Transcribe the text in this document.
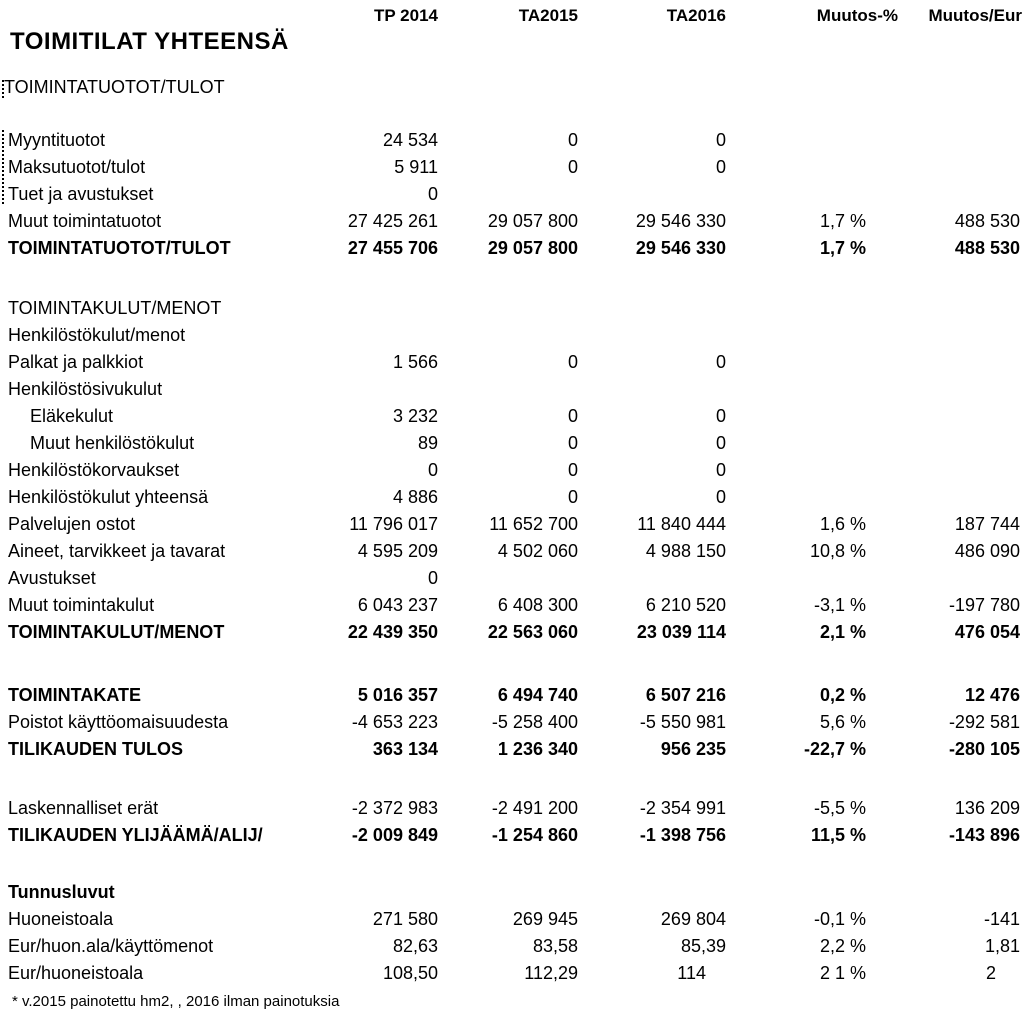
TOIMITILAT YHTEENSÄ
TP 2014	TA2015	TA2016	Muutos-% Muutos/Eur
TOIMINTATUOTOT/TULOT
Myyntituotot	24 534	0	0
Maksutuotot/tulot	5 911	0	0
Tuet ja avustukset	0
Muut toimintatuotot	27 425 261	29 057 800	29 546 330	1,7 %	488 530
TOIMINTATUOTOT/TULOT	27 455 706	29 057 800	29 546 330	1,7 %	488 530
TOIMINTAKULUT/MENOT
Henkilöstökulut/menot
Palkat ja palkkiot	1 566	0	0
Henkilöstösivukulut
Eläkekulut	3 232	0	0
Muut henkilöstökulut	89	0	0
Henkilöstökorvaukset	0	0	0
Henkilöstökulut yhteensä	4 886	0	0
Palvelujen ostot	11 796 017	11 652 700	11 840 444	1,6 %	187 744
Aineet, tarvikkeet ja tavarat	4 595 209	4 502 060	4 988 150	10,8 %	486 090
Avustukset	0
Muut toimintakulut	6 043 237	6 408 300	6 210 520	-3,1 %	-197 780
TOIMINTAKULUT/MENOT	22 439 350	22 563 060	23 039 114	2,1 %	476 054
TOIMINTAKATE	5 016 357	6 494 740	6 507 216	0,2 %	12 476
Poistot käyttöomaisuudesta	-4 653 223	-5 258 400	-5 550 981	5,6 %	-292 581
TILIKAUDEN TULOS	363 134	1 236 340	956 235	-22,7 %	-280 105
Laskennalliset erät	-2 372 983	-2 491 200	-2 354 991	-5,5 %	136 209
TILIKAUDEN YLIJÄÄMÄ/ALIJ/	-2 009 849	-1 254 860	-1 398 756	11,5 %	-143 896
Tunnusluvut
Huoneistoala	271 580	269 945	269 804	-0,1 %	-141
Eur/huon.ala/käyttömenot	82,63	83,58	85,39	2,2 %	1,81
Eur/huoneistoala	108,50	112,29	114	2 1 %	2
* v.2015 painotettu hm2, , 2016 ilman painotuksia
